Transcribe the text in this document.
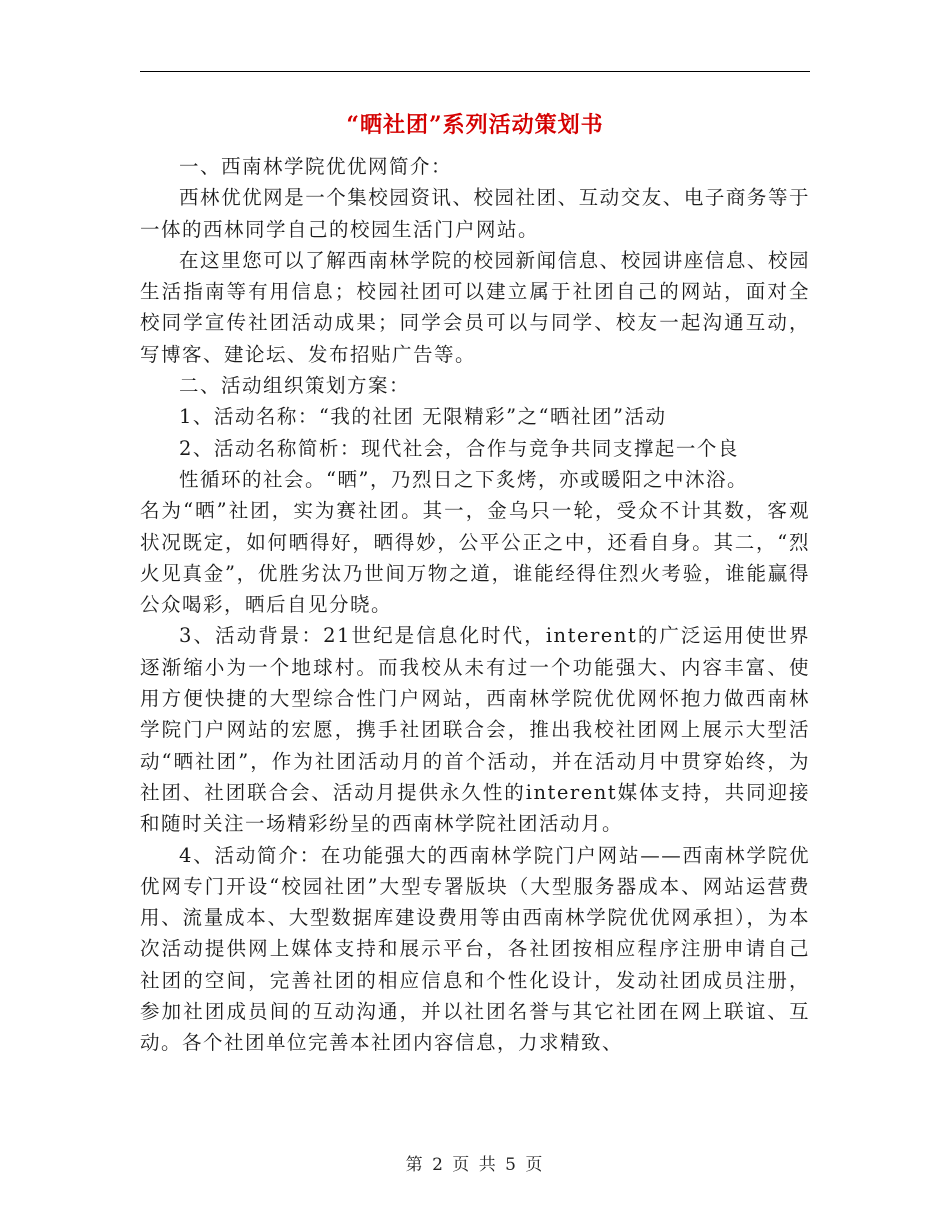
“晒社团”系列活动策划书

一、西南林学院优优网简介：

西林优优网是一个集校园资讯、校园社团、互动交友、电子商务等于一体的西林同学自己的校园生活门户网站。

在这里您可以了解西南林学院的校园新闻信息、校园讲座信息、校园生活指南等有用信息；校园社团可以建立属于社团自己的网站，面对全校同学宣传社团活动成果；同学会员可以与同学、校友一起沟通互动，写博客、建论坛、发布招贴广告等。

二、活动组织策划方案：

1、活动名称：“我的社团 无限精彩”之“晒社团”活动

2、活动名称简析：现代社会，合作与竞争共同支撑起一个良

性循环的社会。“晒”，乃烈日之下炙烤，亦或暖阳之中沐浴。

名为“晒”社团，实为赛社团。其一，金乌只一轮，受众不计其数，客观状况既定，如何晒得好，晒得妙，公平公正之中，还看自身。其二，“烈火见真金”，优胜劣汰乃世间万物之道，谁能经得住烈火考验，谁能赢得公众喝彩，晒后自见分晓。

3、活动背景：21世纪是信息化时代，interent的广泛运用使世界逐渐缩小为一个地球村。而我校从未有过一个功能强大、内容丰富、使用方便快捷的大型综合性门户网站，西南林学院优优网怀抱力做西南林学院门户网站的宏愿，携手社团联合会，推出我校社团网上展示大型活动“晒社团”，作为社团活动月的首个活动，并在活动月中贯穿始终，为社团、社团联合会、活动月提供永久性的interent媒体支持，共同迎接和随时关注一场精彩纷呈的西南林学院社团活动月。

4、活动简介：在功能强大的西南林学院门户网站——西南林学院优优网专门开设“校园社团”大型专署版块（大型服务器成本、网站运营费用、流量成本、大型数据库建设费用等由西南林学院优优网承担），为本次活动提供网上媒体支持和展示平台，各社团按相应程序注册申请自己社团的空间，完善社团的相应信息和个性化设计，发动社团成员注册，参加社团成员间的互动沟通，并以社团名誉与其它社团在网上联谊、互动。各个社团单位完善本社团内容信息，力求精致、

第 2 页 共 5 页
